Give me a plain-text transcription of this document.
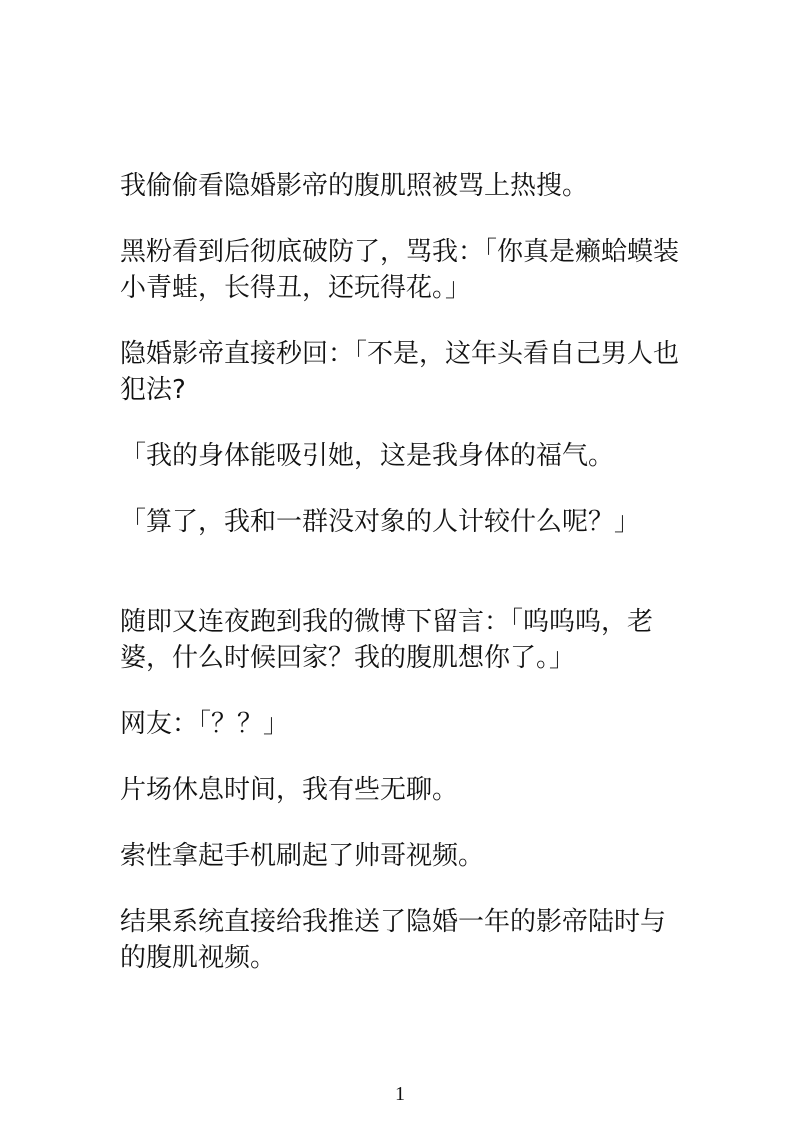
我偷偷看隐婚影帝的腹肌照被骂上热搜。

黑粉看到后彻底破防了，骂我：「你真是癞蛤蟆装小青蛙，长得丑，还玩得花。」

隐婚影帝直接秒回：「不是，这年头看自己男人也犯法?

「我的身体能吸引她，这是我身体的福气。

「算了，我和一群没对象的人计较什么呢？」

随即又连夜跑到我的微博下留言：「呜呜呜，老婆，什么时候回家？我的腹肌想你了。」

网友：「？？」

片场休息时间，我有些无聊。

索性拿起手机刷起了帅哥视频。

结果系统直接给我推送了隐婚一年的影帝陆时与的腹肌视频。

1
